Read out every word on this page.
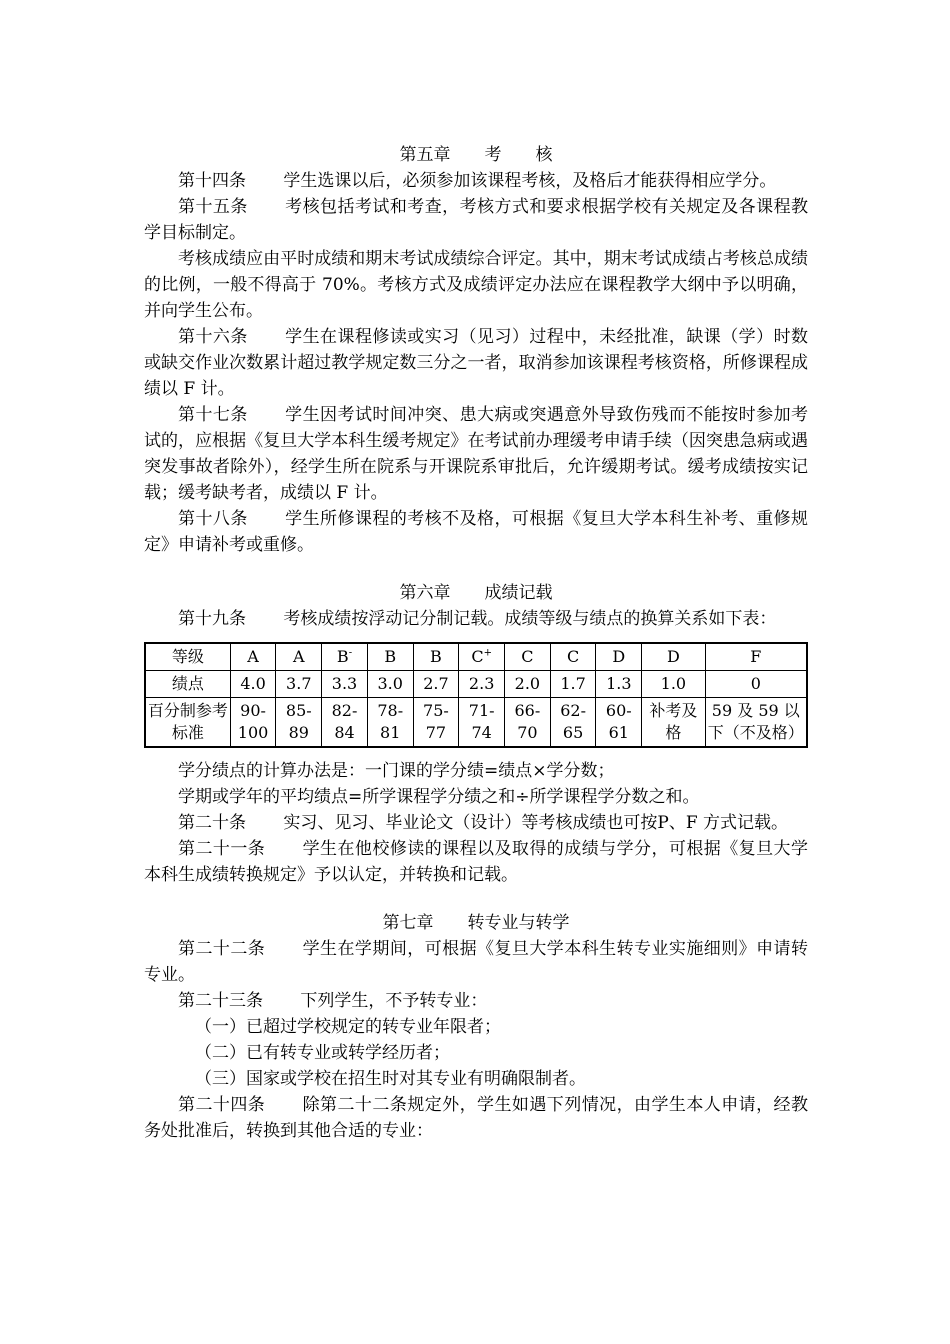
第五章　　考　　核

第十四条 学生选课以后，必须参加该课程考核，及格后才能获得相应学分。

第十五条 考核包括考试和考查，考核方式和要求根据学校有关规定及各课程教学目标制定。

考核成绩应由平时成绩和期末考试成绩综合评定。其中，期末考试成绩占考核总成绩的比例，一般不得高于 70%。考核方式及成绩评定办法应在课程教学大纲中予以明确，并向学生公布。

第十六条 学生在课程修读或实习（见习）过程中，未经批准，缺课（学）时数或缺交作业次数累计超过教学规定数三分之一者，取消参加该课程考核资格，所修课程成绩以 F 计。

第十七条 学生因考试时间冲突、患大病或突遇意外导致伤残而不能按时参加考试的，应根据《复旦大学本科生缓考规定》在考试前办理缓考申请手续（因突患急病或遇突发事故者除外），经学生所在院系与开课院系审批后，允许缓期考试。缓考成绩按实记载；缓考缺考者，成绩以 F 计。

第十八条 学生所修课程的考核不及格，可根据《复旦大学本科生补考、重修规定》申请补考或重修。

第六章　　成绩记载

第十九条 考核成绩按浮动记分制记载。成绩等级与绩点的换算关系如下表：

等级	A	A	B-	B	B	C+	C	C	D	D	F
绩点	4.0	3.7	3.3	3.0	2.7	2.3	2.0	1.7	1.3	1.0	0
百分制参考标准	90-100	85-89	82-84	78-81	75-77	71-74	66-70	62-65	60-61	补考及格	59 及 59 以下（不及格）

学分绩点的计算办法是：一门课的学分绩=绩点×学分数；

学期或学年的平均绩点=所学课程学分绩之和÷所学课程学分数之和。

第二十条 实习、见习、毕业论文（设计）等考核成绩也可按P、F 方式记载。

第二十一条 学生在他校修读的课程以及取得的成绩与学分，可根据《复旦大学本科生成绩转换规定》予以认定，并转换和记载。

第七章　　转专业与转学

第二十二条 学生在学期间，可根据《复旦大学本科生转专业实施细则》申请转专业。

第二十三条 下列学生，不予转专业：

（一）已超过学校规定的转专业年限者；

（二）已有转专业或转学经历者；

（三）国家或学校在招生时对其专业有明确限制者。

第二十四条 除第二十二条规定外，学生如遇下列情况，由学生本人申请，经教务处批准后，转换到其他合适的专业：
